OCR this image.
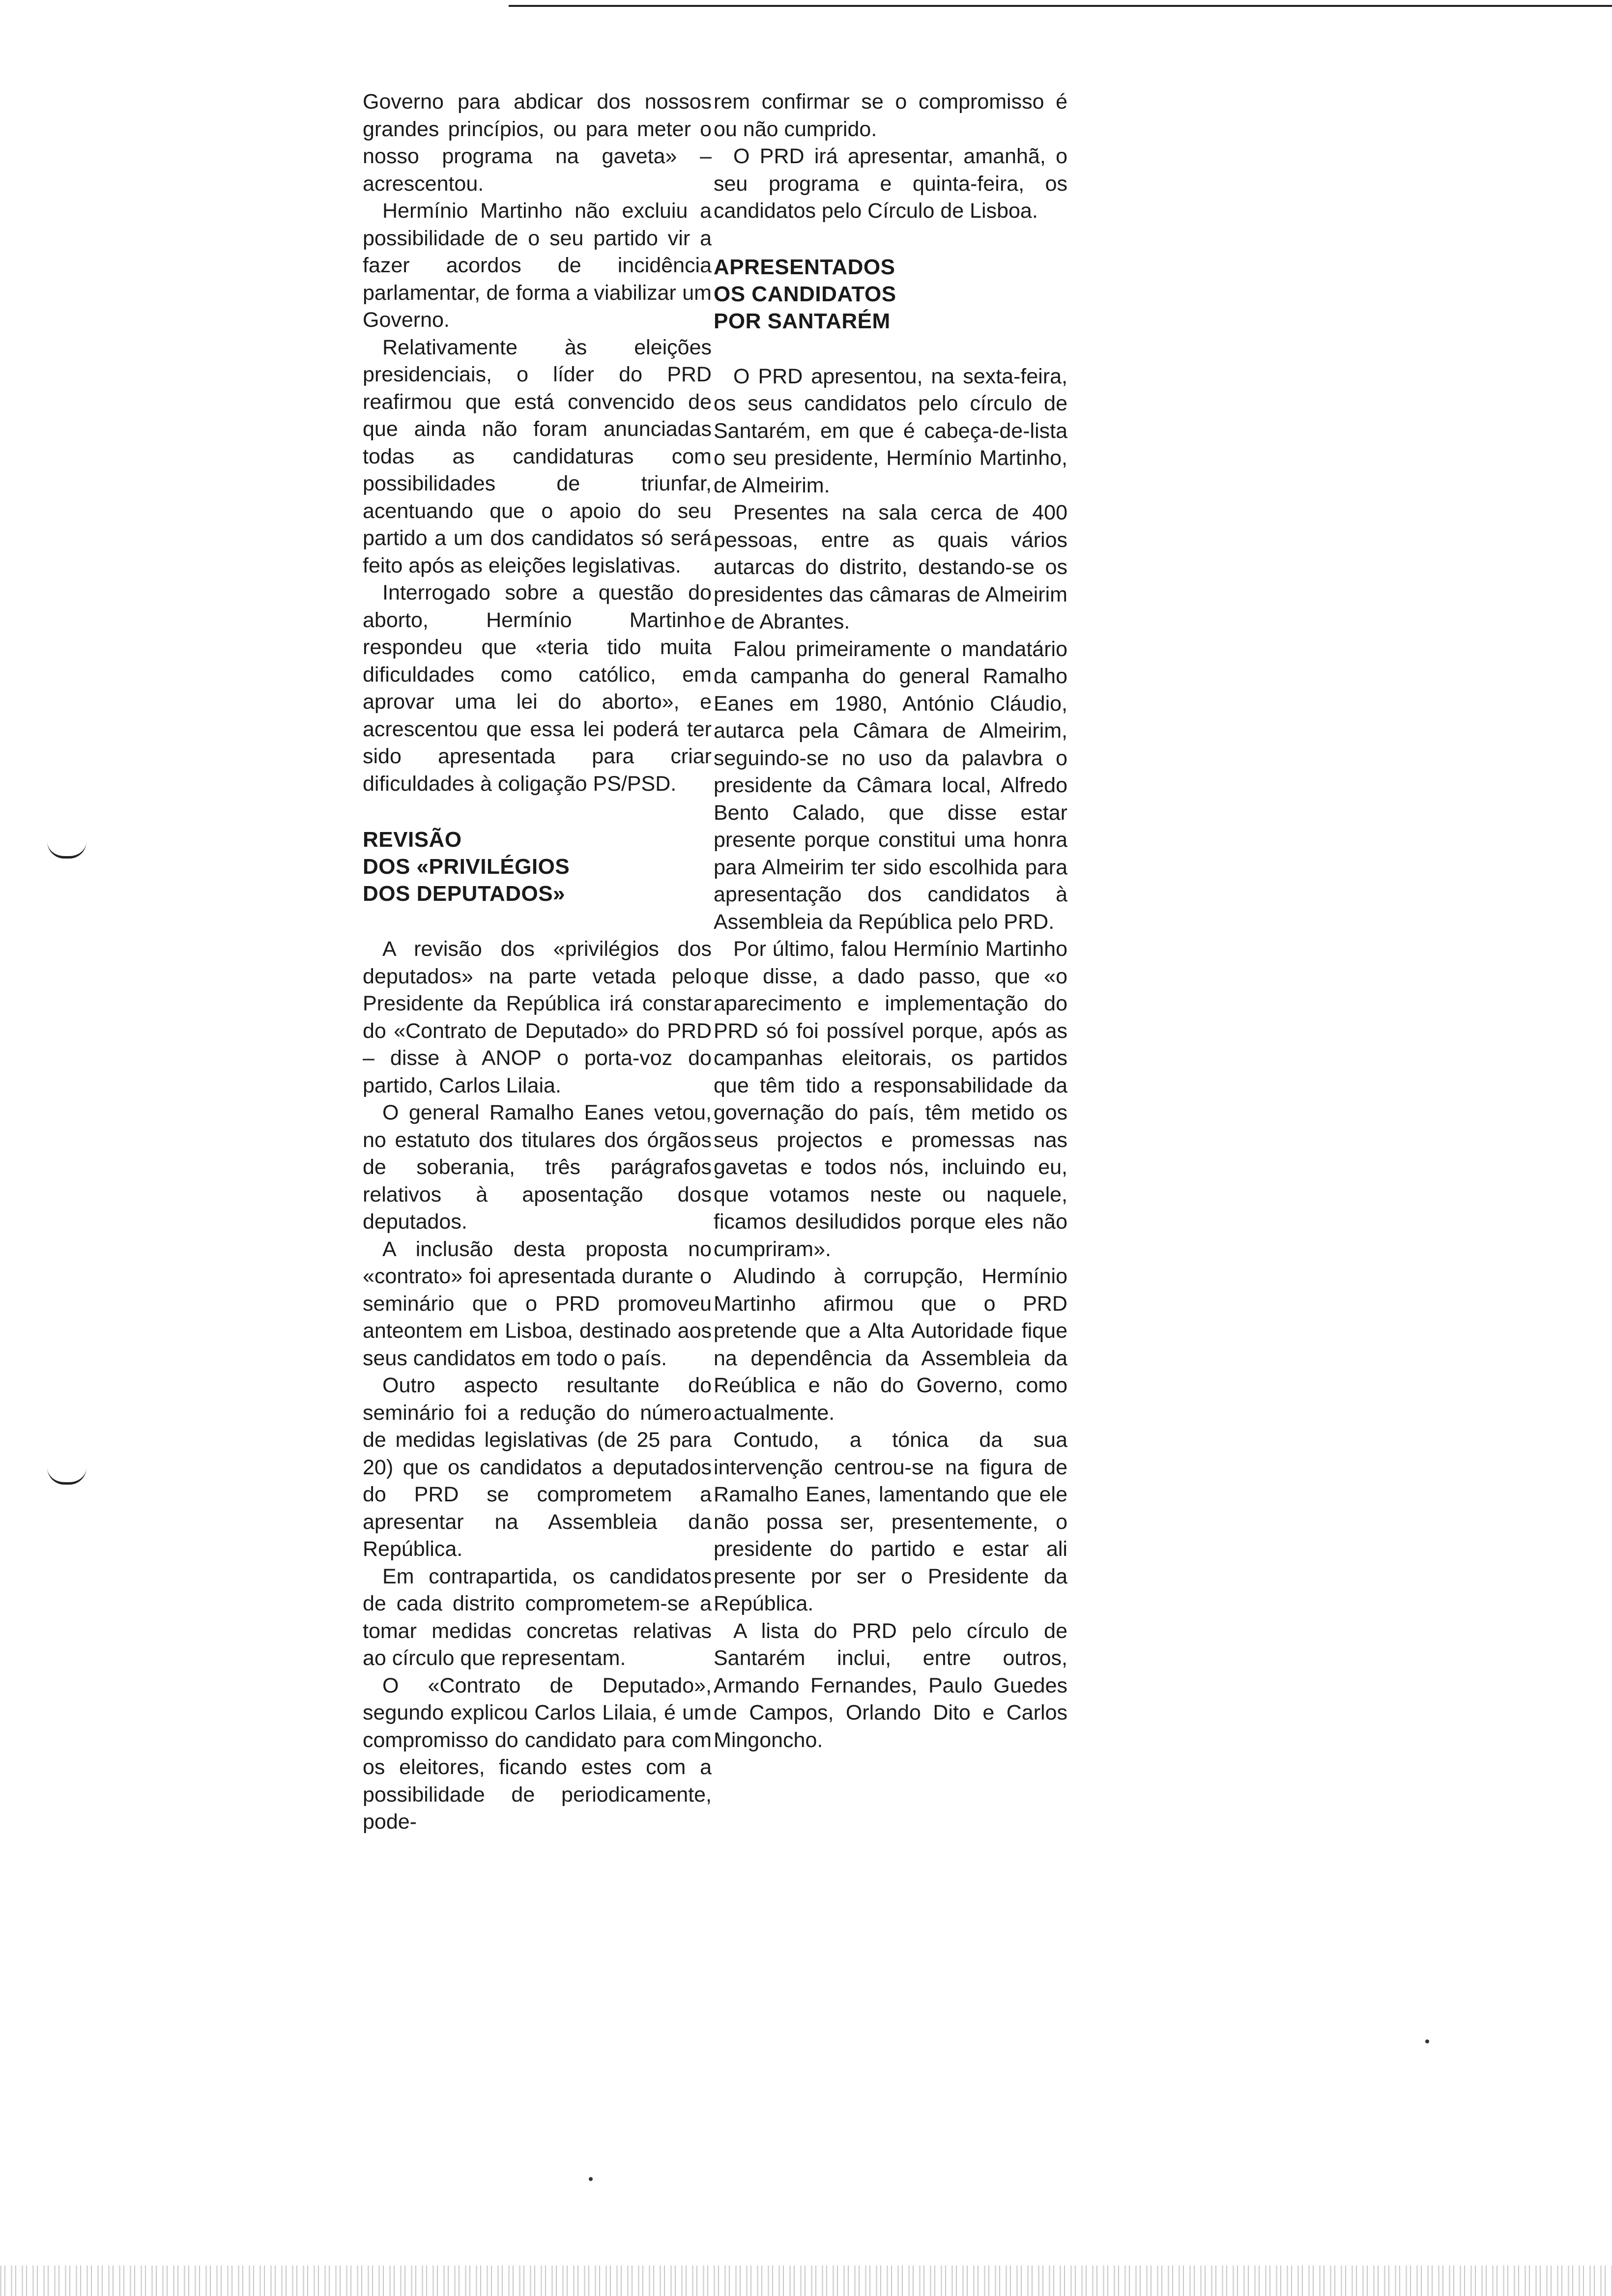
Governo para abdicar dos nossos grandes princípios, ou para meter o nosso programa na gaveta» – acrescentou.

Hermínio Martinho não excluiu a possibilidade de o seu partido vir a fazer acordos de incidência parlamentar, de forma a viabilizar um Governo.

Relativamente às eleições presidenciais, o líder do PRD reafirmou que está convencido de que ainda não foram anunciadas todas as candidaturas com possibilidades de triunfar, acentuando que o apoio do seu partido a um dos candidatos só será feito após as eleições legislativas.

Interrogado sobre a questão do aborto, Hermínio Martinho respondeu que «teria tido muita dificuldades como católico, em aprovar uma lei do aborto», e acrescentou que essa lei poderá ter sido apresentada para criar dificuldades à coligação PS/PSD.

REVISÃO
DOS «PRIVILÉGIOS
DOS DEPUTADOS»

A revisão dos «privilégios dos deputados» na parte vetada pelo Presidente da República irá constar do «Contrato de Deputado» do PRD – disse à ANOP o porta-voz do partido, Carlos Lilaia.

O general Ramalho Eanes vetou, no estatuto dos titulares dos órgãos de soberania, três parágrafos relativos à aposentação dos deputados.

A inclusão desta proposta no «contrato» foi apresentada durante o seminário que o PRD promoveu anteontem em Lisboa, destinado aos seus candidatos em todo o país.

Outro aspecto resultante do seminário foi a redução do número de medidas legislativas (de 25 para 20) que os candidatos a deputados do PRD se comprometem a apresentar na Assembleia da República.

Em contrapartida, os candidatos de cada distrito comprometem-se a tomar medidas concretas relativas ao círculo que representam.

O «Contrato de Deputado», segundo explicou Carlos Lilaia, é um compromisso do candidato para com os eleitores, ficando estes com a possibilidade de periodicamente, pode-

rem confirmar se o compromisso é ou não cumprido.

O PRD irá apresentar, amanhã, o seu programa e quinta-feira, os candidatos pelo Círculo de Lisboa.

APRESENTADOS
OS CANDIDATOS
POR SANTARÉM

O PRD apresentou, na sexta-feira, os seus candidatos pelo círculo de Santarém, em que é cabeça-de-lista o seu presidente, Hermínio Martinho, de Almeirim.

Presentes na sala cerca de 400 pessoas, entre as quais vários autarcas do distrito, destando-se os presidentes das câmaras de Almeirim e de Abrantes.

Falou primeiramente o mandatário da campanha do general Ramalho Eanes em 1980, António Cláudio, autarca pela Câmara de Almeirim, seguindo-se no uso da palavbra o presidente da Câmara local, Alfredo Bento Calado, que disse estar presente porque constitui uma honra para Almeirim ter sido escolhida para apresentação dos candidatos à Assembleia da República pelo PRD.

Por último, falou Hermínio Martinho que disse, a dado passo, que «o aparecimento e implementação do PRD só foi possível porque, após as campanhas eleitorais, os partidos que têm tido a responsabilidade da governação do país, têm metido os seus projectos e promessas nas gavetas e todos nós, incluindo eu, que votamos neste ou naquele, ficamos desiludidos porque eles não cumpriram».

Aludindo à corrupção, Hermínio Martinho afirmou que o PRD pretende que a Alta Autoridade fique na dependência da Assembleia da Reública e não do Governo, como actualmente.

Contudo, a tónica da sua intervenção centrou-se na figura de Ramalho Eanes, lamentando que ele não possa ser, presentemente, o presidente do partido e estar ali presente por ser o Presidente da República.

A lista do PRD pelo círculo de Santarém inclui, entre outros, Armando Fernandes, Paulo Guedes de Campos, Orlando Dito e Carlos Mingoncho.
